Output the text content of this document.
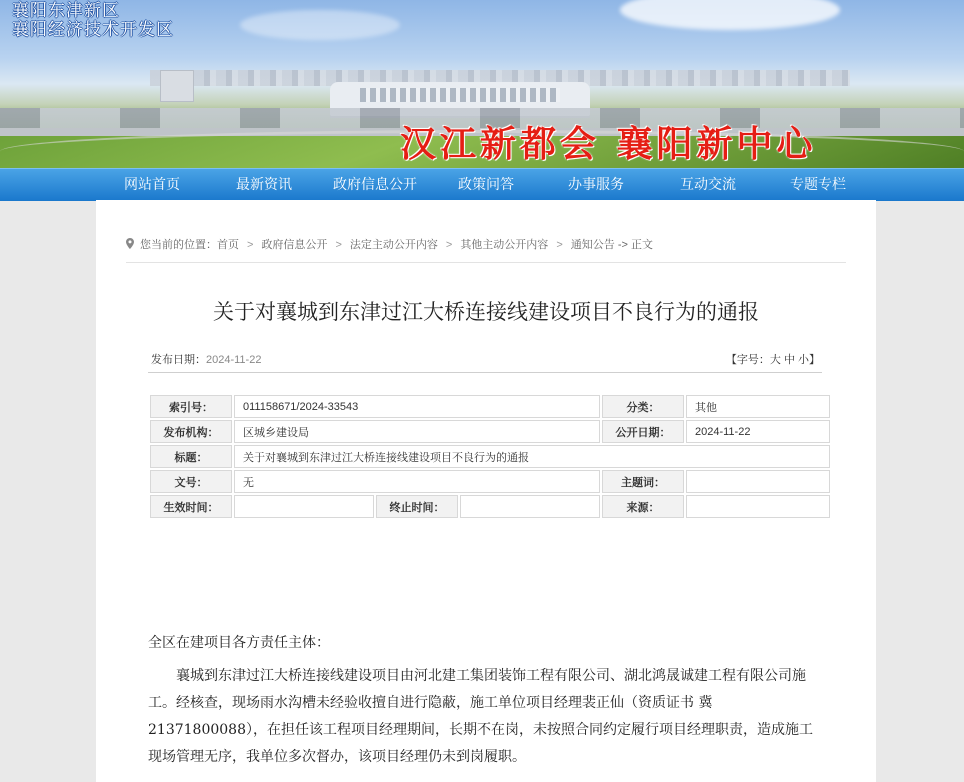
襄阳东津新区
襄阳经济技术开发区
汉江新都会 襄阳新中心
网站首页	最新资讯	政府信息公开	政策问答	办事服务	互动交流	专题专栏
您当前的位置：首页 > 政府信息公开 > 法定主动公开内容 > 其他主动公开内容 > 通知公告 -> 正文
关于对襄城到东津过江大桥连接线建设项目不良行为的通报
发布日期：2024-11-22	【字号：大 中 小】
索引号：	011158671/2024-33543			分类：	其他
发布机构：	区城乡建设局			公开日期：	2024-11-22
标题：	关于对襄城到东津过江大桥连接线建设项目不良行为的通报				
文号：	无			主题词：	
生效时间：		终止时间：		来源：	

全区在建项目各方责任主体：

襄城到东津过江大桥连接线建设项目由河北建工集团装饰工程有限公司、湖北鸿晟诚建工程有限公司施工。经核查，现场雨水沟槽未经验收擅自进行隐蔽，施工单位项目经理裴正仙（资质证书 冀21371800088），在担任该工程项目经理期间，长期不在岗，未按照合同约定履行项目经理职责，造成施工现场管理无序，我单位多次督办，该项目经理仍未到岗履职。
